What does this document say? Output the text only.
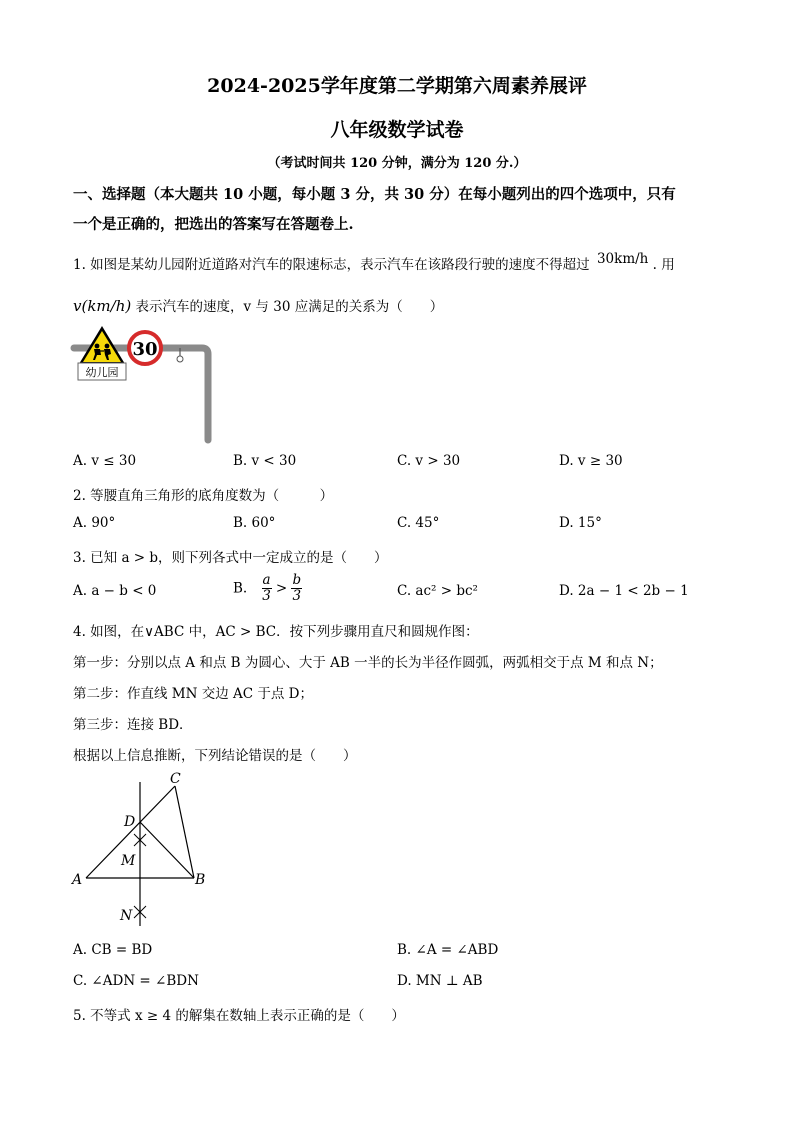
2024-2025学年度第二学期第六周素养展评
八年级数学试卷
（考试时间共 120 分钟，满分为 120 分.）
一、选择题（本大题共 10 小题，每小题 3 分，共 30 分）在每小题列出的四个选项中，只有
一个是正确的，把选出的答案写在答题卷上.
1. 如图是某幼儿园附近道路对汽车的限速标志，表示汽车在该路段行驶的速度不得超过 30km/h . 用
v(km/h) 表示汽车的速度，v 与 30 应满足的关系为（　　）
幼儿园
30
A. v ≤ 30	B. v < 30	C. v > 30	D. v ≥ 30
2. 等腰直角三角形的底角度数为（　　　）
A. 90°	B. 60°	C. 45°	D. 15°
3. 已知 a > b，则下列各式中一定成立的是（　　）
A. a − b < 0	B. $\frac{a}{3} > \frac{b}{3}$	C. ac² > bc²	D. 2a − 1 < 2b − 1
4. 如图，在∨ABC 中，AC > BC．按下列步骤用直尺和圆规作图：
第一步：分别以点 A 和点 B 为圆心、大于 AB 一半的长为半径作圆弧，两弧相交于点 M 和点 N；
第二步：作直线 MN 交边 AC 于点 D；
第三步：连接 BD．
根据以上信息推断，下列结论错误的是（　　）
C
D
M
A	B
N
A. CB = BD	B. ∠A = ∠ABD
C. ∠ADN = ∠BDN	D. MN ⊥ AB
5. 不等式 x ≥ 4 的解集在数轴上表示正确的是（　　）
